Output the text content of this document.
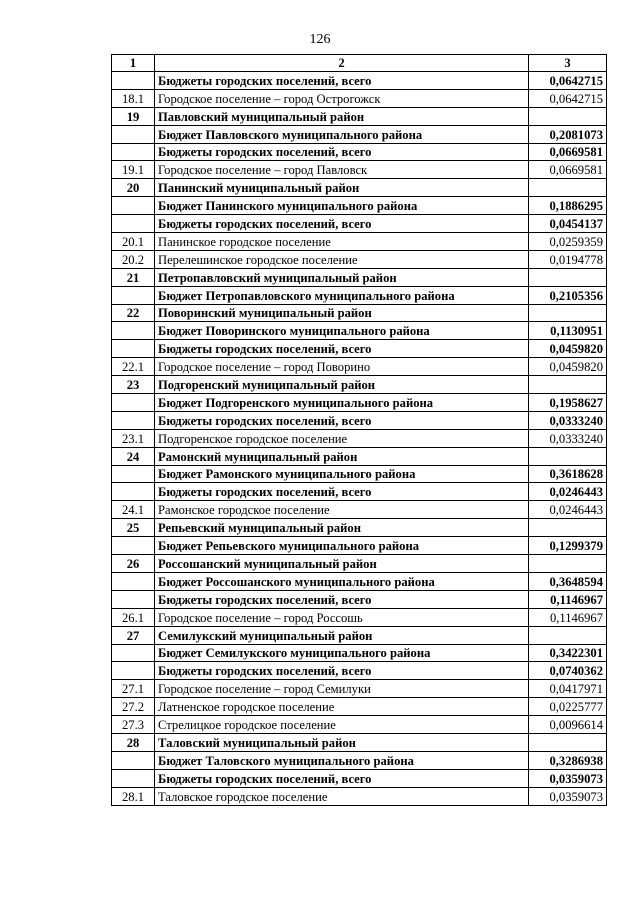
126
1	2	3
	Бюджеты городских поселений, всего	0,0642715
18.1	Городское поселение – город Острогожск	0,0642715
19	Павловский муниципальный район	
	Бюджет Павловского муниципального района	0,2081073
	Бюджеты городских поселений, всего	0,0669581
19.1	Городское поселение – город Павловск	0,0669581
20	Панинский муниципальный район	
	Бюджет Панинского муниципального района	0,1886295
	Бюджеты городских поселений, всего	0,0454137
20.1	Панинское городское поселение	0,0259359
20.2	Перелешинское городское поселение	0,0194778
21	Петропавловский муниципальный район	
	Бюджет Петропавловского муниципального района	0,2105356
22	Поворинский муниципальный район	
	Бюджет Поворинского муниципального района	0,1130951
	Бюджеты городских поселений, всего	0,0459820
22.1	Городское поселение – город Поворино	0,0459820
23	Подгоренский муниципальный район	
	Бюджет Подгоренского муниципального района	0,1958627
	Бюджеты городских поселений, всего	0,0333240
23.1	Подгоренское городское поселение	0,0333240
24	Рамонский муниципальный район	
	Бюджет Рамонского муниципального района	0,3618628
	Бюджеты городских поселений, всего	0,0246443
24.1	Рамонское городское поселение	0,0246443
25	Репьевский муниципальный район	
	Бюджет Репьевского муниципального района	0,1299379
26	Россошанский муниципальный район	
	Бюджет Россошанского муниципального района	0,3648594
	Бюджеты городских поселений, всего	0,1146967
26.1	Городское поселение – город Россошь	0,1146967
27	Семилукский муниципальный район	
	Бюджет Семилукского муниципального района	0,3422301
	Бюджеты городских поселений, всего	0,0740362
27.1	Городское поселение – город Семилуки	0,0417971
27.2	Латненское городское поселение	0,0225777
27.3	Стрелицкое городское поселение	0,0096614
28	Таловский муниципальный район	
	Бюджет Таловского муниципального района	0,3286938
	Бюджеты городских поселений, всего	0,0359073
28.1	Таловское городское поселение	0,0359073
